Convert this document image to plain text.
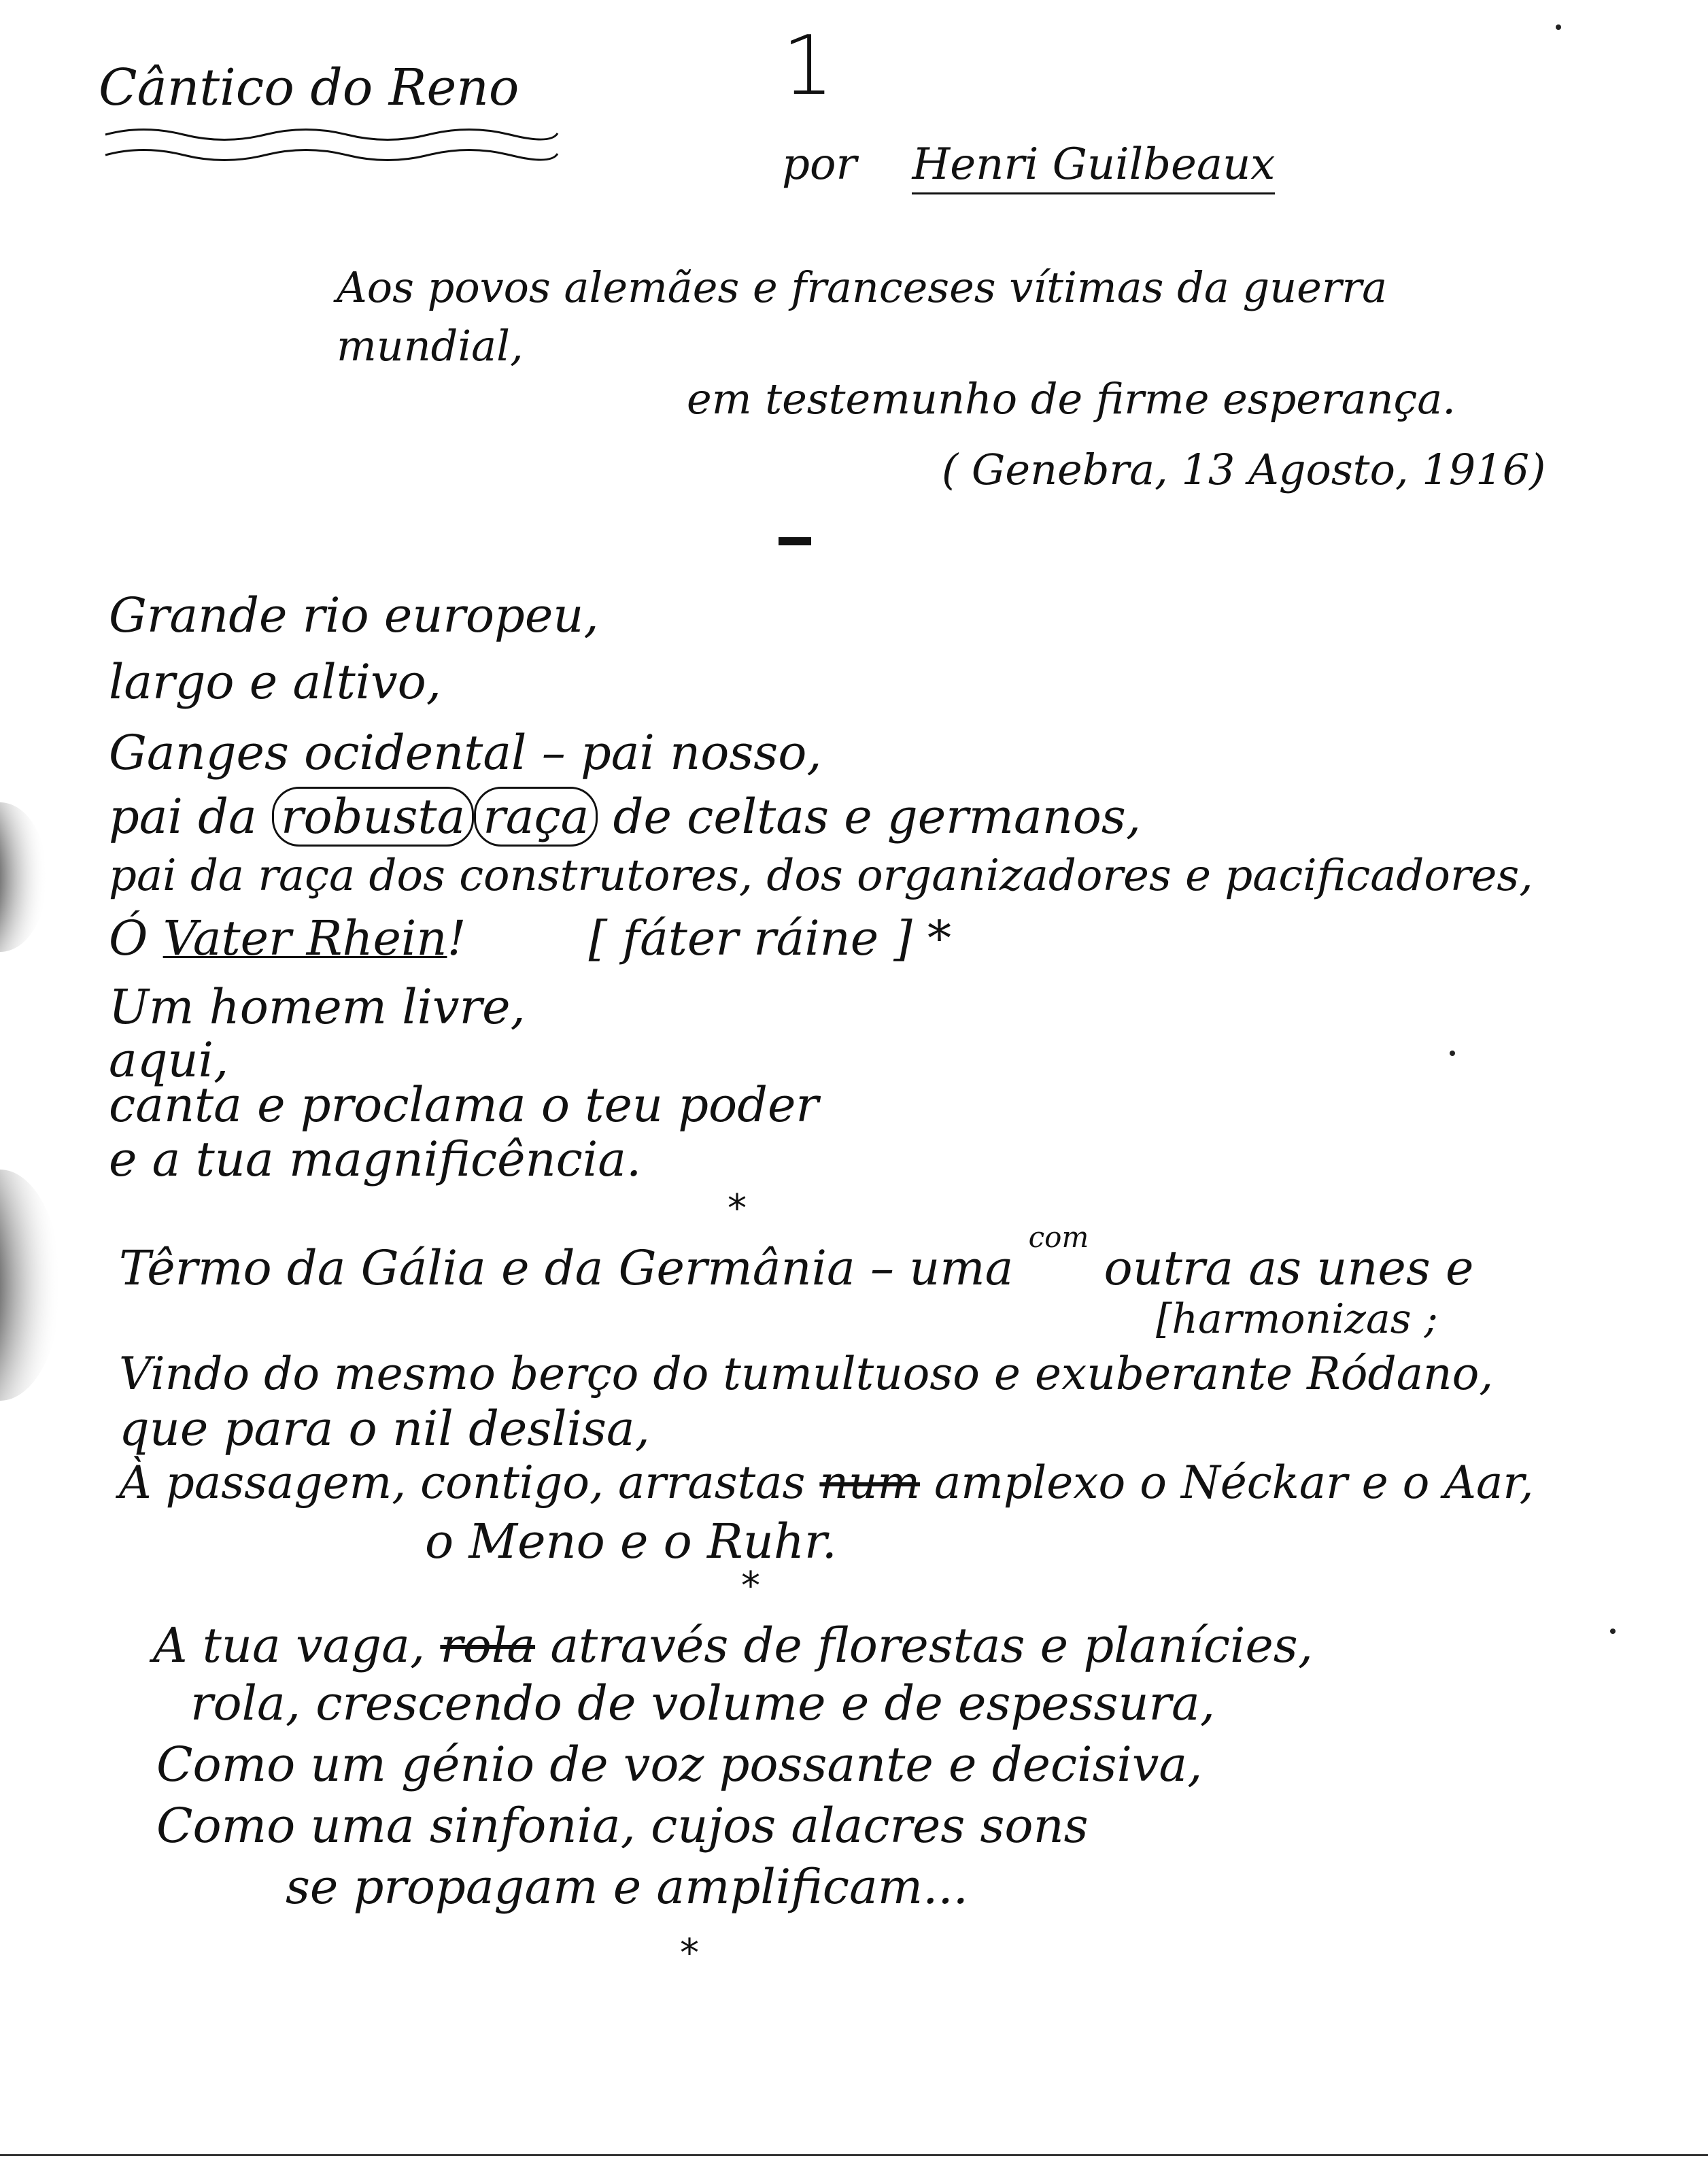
Cântico do Reno	1
por Henri Guilbeaux
Aos povos alemães e franceses vítimas da guerra
mundial,
em testemunho de firme esperança.
( Genebra, 13 Agosto, 1916)
Grande rio europeu,
largo e altivo,
Ganges ocidental – pai nosso,
pai da robusta raça de celtas e germanos,
pai da raça dos construtores, dos organizadores e pacificadores,
Ó Vater Rhein!	[ fáter ráine ] *
Um homem livre,
aqui,
canta e proclama o teu poder
e a tua magnificência.
*
Têrmo da Gália e da Germânia – uma $^{com}$ outra as unes e
[harmonizas ;
Vindo do mesmo berço do tumultuoso e exuberante Ródano,
que para o nil deslisa,
À passagem, contigo, arrastas num amplexo o Néckar e o Aar,
o Meno e o Ruhr.
*
A tua vaga, rola através de florestas e planícies,
rola, crescendo de volume e de espessura,
Como um génio de voz possante e decisiva,
Como uma sinfonia, cujos alacres sons
se propagam e amplificam...
*
